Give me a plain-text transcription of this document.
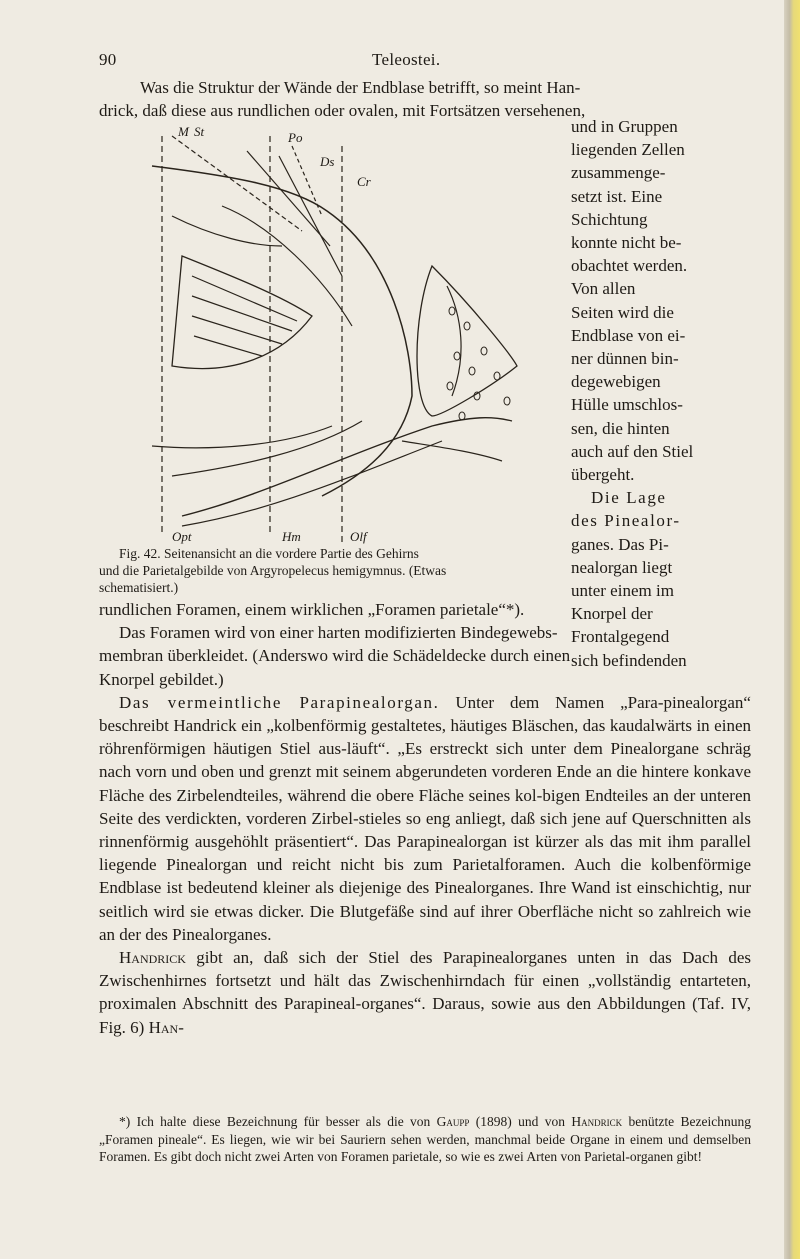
90	Teleostei.
Was die Struktur der Wände der Endblase betrifft, so meint Han-
drick, daß diese aus rundlichen oder ovalen, mit Fortsätzen versehenen,
M St	Po
Ds
Cr
Opt	Hm	Olf
Fig. 42. Seitenansicht an die vordere Partie des Gehirns
und die Parietalgebilde von Argyropelecus hemigymnus. (Etwas
schematisiert.)
und in Gruppen
liegenden Zellen
zusammenge-
setzt ist. Eine
Schichtung
konnte nicht be-
obachtet werden.
Von allen
Seiten wird die
Endblase von ei-
ner dünnen bin-
degewebigen
Hülle umschlos-
sen, die hinten
auch auf den Stiel
übergeht.
Die Lage
des Pinealor-
ganes. Das Pi-
nealorgan liegt
unter einem im
Knorpel der
Frontalgegend
sich befindenden
rundlichen Foramen, einem wirklichen „Foramen parietale“*).
Das Foramen wird von einer harten modifizierten Bindegewebs-
membran überkleidet. (Anderswo wird die Schädeldecke durch einen
Knorpel gebildet.)

Das vermeintliche Parapinealorgan. Unter dem Namen „Para-pinealorgan“ beschreibt Handrick ein „kolbenförmig gestaltetes, häutiges Bläschen, das kaudalwärts in einen röhrenförmigen häutigen Stiel aus-läuft“. „Es erstreckt sich unter dem Pinealorgane schräg nach vorn und oben und grenzt mit seinem abgerundeten vorderen Ende an die hintere konkave Fläche des Zirbelendteiles, während die obere Fläche seines kol-bigen Endteiles an der unteren Seite des verdickten, vorderen Zirbel-stieles so eng anliegt, daß sich jene auf Querschnitten als rinnenförmig ausgehöhlt präsentiert“. Das Parapinealorgan ist kürzer als das mit ihm parallel liegende Pinealorgan und reicht nicht bis zum Parietalforamen. Auch die kolbenförmige Endblase ist bedeutend kleiner als diejenige des Pinealorganes. Ihre Wand ist einschichtig, nur seitlich wird sie etwas dicker. Die Blutgefäße sind auf ihrer Oberfläche nicht so zahlreich wie an der des Pinealorganes.

Handrick gibt an, daß sich der Stiel des Parapinealorganes unten in das Dach des Zwischenhirnes fortsetzt und hält das Zwischenhirndach für einen „vollständig entarteten, proximalen Abschnitt des Parapineal-organes“. Daraus, sowie aus den Abbildungen (Taf. IV, Fig. 6) Han-

*) Ich halte diese Bezeichnung für besser als die von Gaupp (1898) und von Handrick benützte Bezeichnung „Foramen pineale“. Es liegen, wie wir bei Sauriern sehen werden, manchmal beide Organe in einem und demselben Foramen. Es gibt doch nicht zwei Arten von Foramen parietale, so wie es zwei Arten von Parietal-organen gibt!
